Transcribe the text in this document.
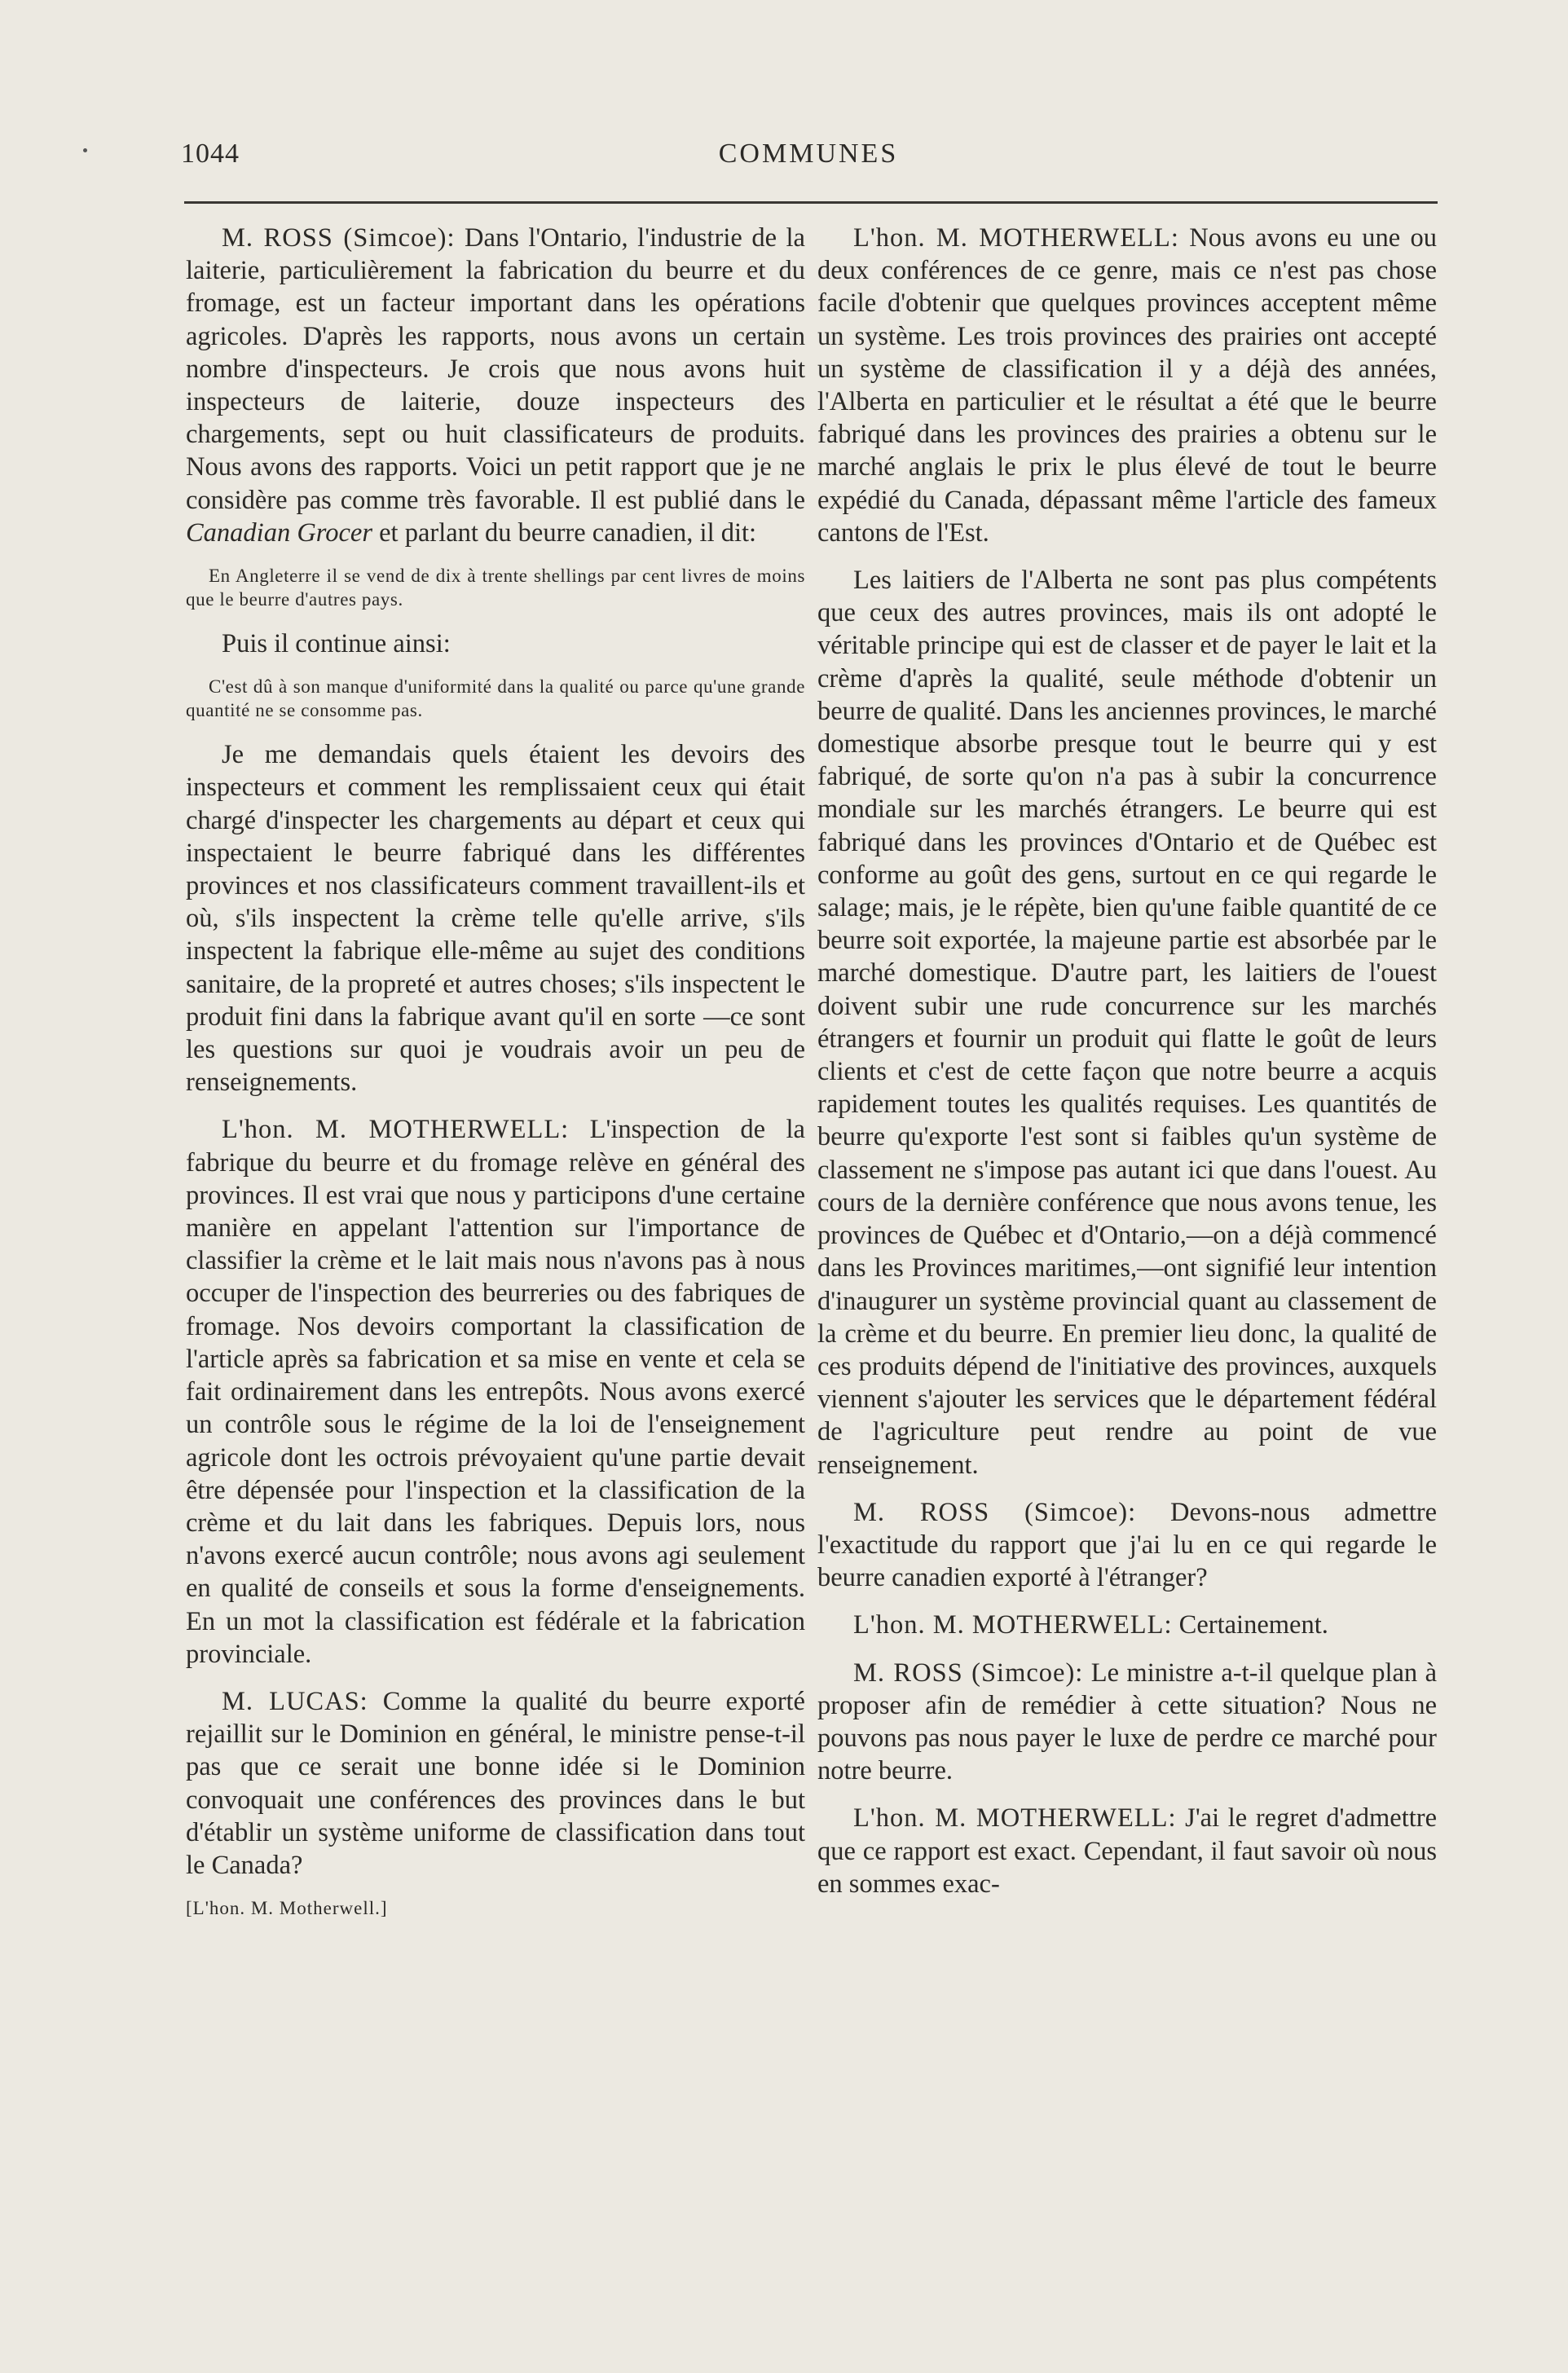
1044	COMMUNES

M. ROSS (Simcoe): Dans l'Ontario, l'industrie de la laiterie, particulièrement la fabrication du beurre et du fromage, est un facteur important dans les opérations agricoles. D'après les rapports, nous avons un certain nombre d'inspecteurs. Je crois que nous avons huit inspecteurs de laiterie, douze inspecteurs des chargements, sept ou huit classificateurs de produits. Nous avons des rapports. Voici un petit rapport que je ne considère pas comme très favorable. Il est publié dans le Canadian Grocer et parlant du beurre canadien, il dit:

En Angleterre il se vend de dix à trente shellings par cent livres de moins que le beurre d'autres pays.

Puis il continue ainsi:

C'est dû à son manque d'uniformité dans la qualité ou parce qu'une grande quantité ne se consomme pas.

Je me demandais quels étaient les devoirs des inspecteurs et comment les remplissaient ceux qui était chargé d'inspecter les chargements au départ et ceux qui inspectaient le beurre fabriqué dans les différentes provinces et nos classificateurs comment travaillent-ils et où, s'ils inspectent la crème telle qu'elle arrive, s'ils inspectent la fabrique elle-même au sujet des conditions sanitaire, de la propreté et autres choses; s'ils inspectent le produit fini dans la fabrique avant qu'il en sorte —ce sont les questions sur quoi je voudrais avoir un peu de renseignements.

L'hon. M. MOTHERWELL: L'inspection de la fabrique du beurre et du fromage relève en général des provinces. Il est vrai que nous y participons d'une certaine manière en appelant l'attention sur l'importance de classifier la crème et le lait mais nous n'avons pas à nous occuper de l'inspection des beurreries ou des fabriques de fromage. Nos devoirs comportant la classification de l'article après sa fabrication et sa mise en vente et cela se fait ordinairement dans les entrepôts. Nous avons exercé un contrôle sous le régime de la loi de l'enseignement agricole dont les octrois prévoyaient qu'une partie devait être dépensée pour l'inspection et la classification de la crème et du lait dans les fabriques. Depuis lors, nous n'avons exercé aucun contrôle; nous avons agi seulement en qualité de conseils et sous la forme d'enseignements. En un mot la classification est fédérale et la fabrication provinciale.

M. LUCAS: Comme la qualité du beurre exporté rejaillit sur le Dominion en général, le ministre pense-t-il pas que ce serait une bonne idée si le Dominion convoquait une conférences des provinces dans le but d'établir un système uniforme de classification dans tout le Canada?

[L'hon. M. Motherwell.]

L'hon. M. MOTHERWELL: Nous avons eu une ou deux conférences de ce genre, mais ce n'est pas chose facile d'obtenir que quelques provinces acceptent même un système. Les trois provinces des prairies ont accepté un système de classification il y a déjà des années, l'Alberta en particulier et le résultat a été que le beurre fabriqué dans les provinces des prairies a obtenu sur le marché anglais le prix le plus élevé de tout le beurre expédié du Canada, dépassant même l'article des fameux cantons de l'Est.

Les laitiers de l'Alberta ne sont pas plus compétents que ceux des autres provinces, mais ils ont adopté le véritable principe qui est de classer et de payer le lait et la crème d'après la qualité, seule méthode d'obtenir un beurre de qualité. Dans les anciennes provinces, le marché domestique absorbe presque tout le beurre qui y est fabriqué, de sorte qu'on n'a pas à subir la concurrence mondiale sur les marchés étrangers. Le beurre qui est fabriqué dans les provinces d'Ontario et de Québec est conforme au goût des gens, surtout en ce qui regarde le salage; mais, je le répète, bien qu'une faible quantité de ce beurre soit exportée, la majeune partie est absorbée par le marché domestique. D'autre part, les laitiers de l'ouest doivent subir une rude concurrence sur les marchés étrangers et fournir un produit qui flatte le goût de leurs clients et c'est de cette façon que notre beurre a acquis rapidement toutes les qualités requises. Les quantités de beurre qu'exporte l'est sont si faibles qu'un système de classement ne s'impose pas autant ici que dans l'ouest. Au cours de la dernière conférence que nous avons tenue, les provinces de Québec et d'Ontario,—on a déjà commencé dans les Provinces maritimes,—ont signifié leur intention d'inaugurer un système provincial quant au classement de la crème et du beurre. En premier lieu donc, la qualité de ces produits dépend de l'initiative des provinces, auxquels viennent s'ajouter les services que le département fédéral de l'agriculture peut rendre au point de vue renseignement.

M. ROSS (Simcoe): Devons-nous admettre l'exactitude du rapport que j'ai lu en ce qui regarde le beurre canadien exporté à l'étranger?

L'hon. M. MOTHERWELL: Certainement.

M. ROSS (Simcoe): Le ministre a-t-il quelque plan à proposer afin de remédier à cette situation? Nous ne pouvons pas nous payer le luxe de perdre ce marché pour notre beurre.

L'hon. M. MOTHERWELL: J'ai le regret d'admettre que ce rapport est exact. Cependant, il faut savoir où nous en sommes exac-
